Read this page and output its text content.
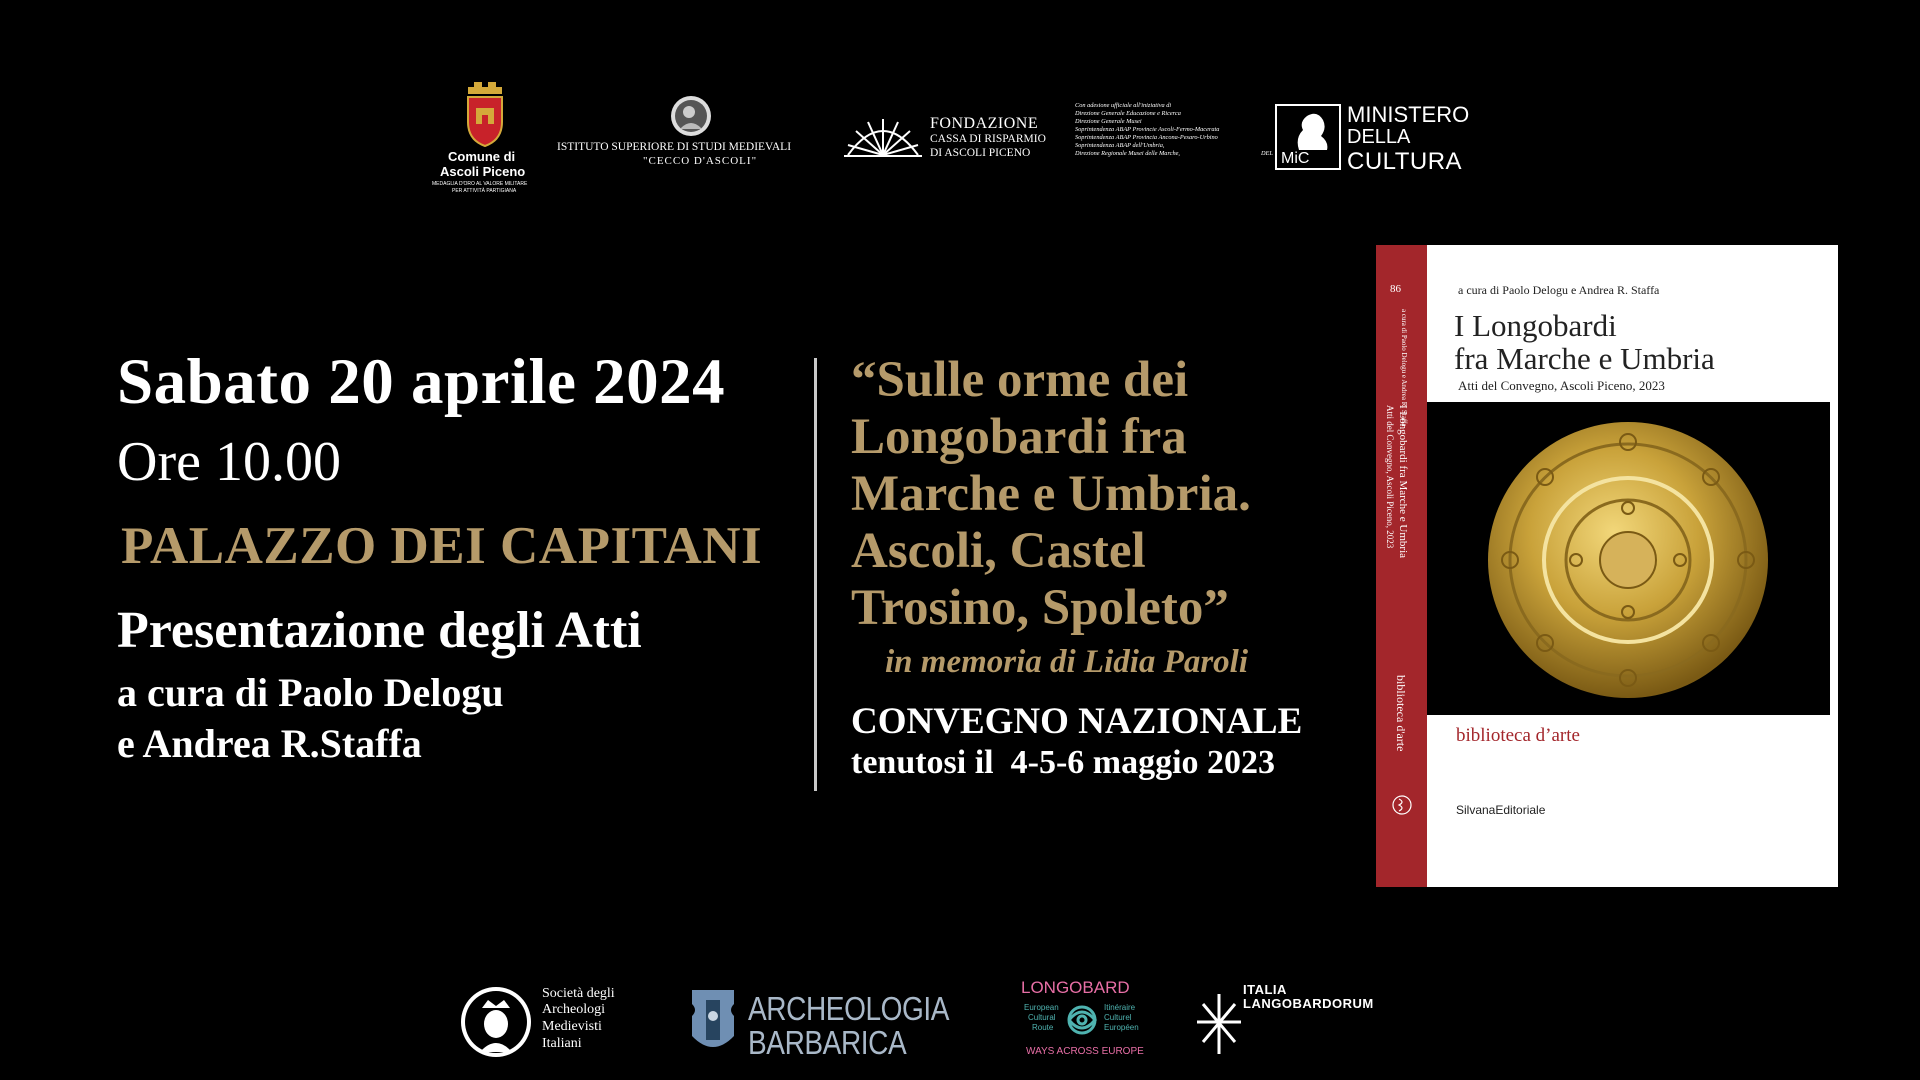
Comune di
Ascoli Piceno
MEDAGLIA D'ORO AL VALORE MILITARE
PER ATTIVITÀ PARTIGIANA
ISTITUTO SUPERIORE DI STUDI MEDIEVALI
"CECCO D'ASCOLI"
FONDAZIONE
CASSA DI RISPARMIO
DI ASCOLI PICENO
Con adesione ufficiale all'iniziativa di
Direzione Generale Educazione e Ricerca
Direzione Generale Musei
Soprintendenza ABAP Provincie Ascoli-Fermo-Macerata
Soprintendenza ABAP Provincia Ancona-Pesaro-Urbino
Soprintendenza ABAP dell'Umbria,
Direzione Regionale Musei delle Marche,	DEL MiC
MINISTERO
DELLA
CULTURA
Sabato 20 aprile 2024
Ore 10.00
PALAZZO DEI CAPITANI
Presentazione degli Atti
a cura di Paolo Delogu
e Andrea R.Staffa
“Sulle orme dei
Longobardi fra
Marche e Umbria.
Ascoli, Castel
Trosino, Spoleto”
in memoria di Lidia Paroli
CONVEGNO NAZIONALE
tenutosi il  4-5-6 maggio 2023
86
a cura di Paolo Delogu e Andrea R. Staffa
I Longobardi fra Marche e Umbria
Atti del Convegno, Ascoli Piceno, 2023
biblioteca d'arte
a cura di Paolo Delogu e Andrea R. Staffa
I Longobardi
fra Marche e Umbria
Atti del Convegno, Ascoli Piceno, 2023
biblioteca d’arte
SilvanaEditoriale
Società degli
Archeologi
Medievisti
Italiani
ARCHEOLOGIA
BARBARICA
LONGOBARD
European
Cultural
Route
Itinéraire
Culturel
Européen
WAYS ACROSS EUROPE
ITALIA
LANGOBARDORUM
